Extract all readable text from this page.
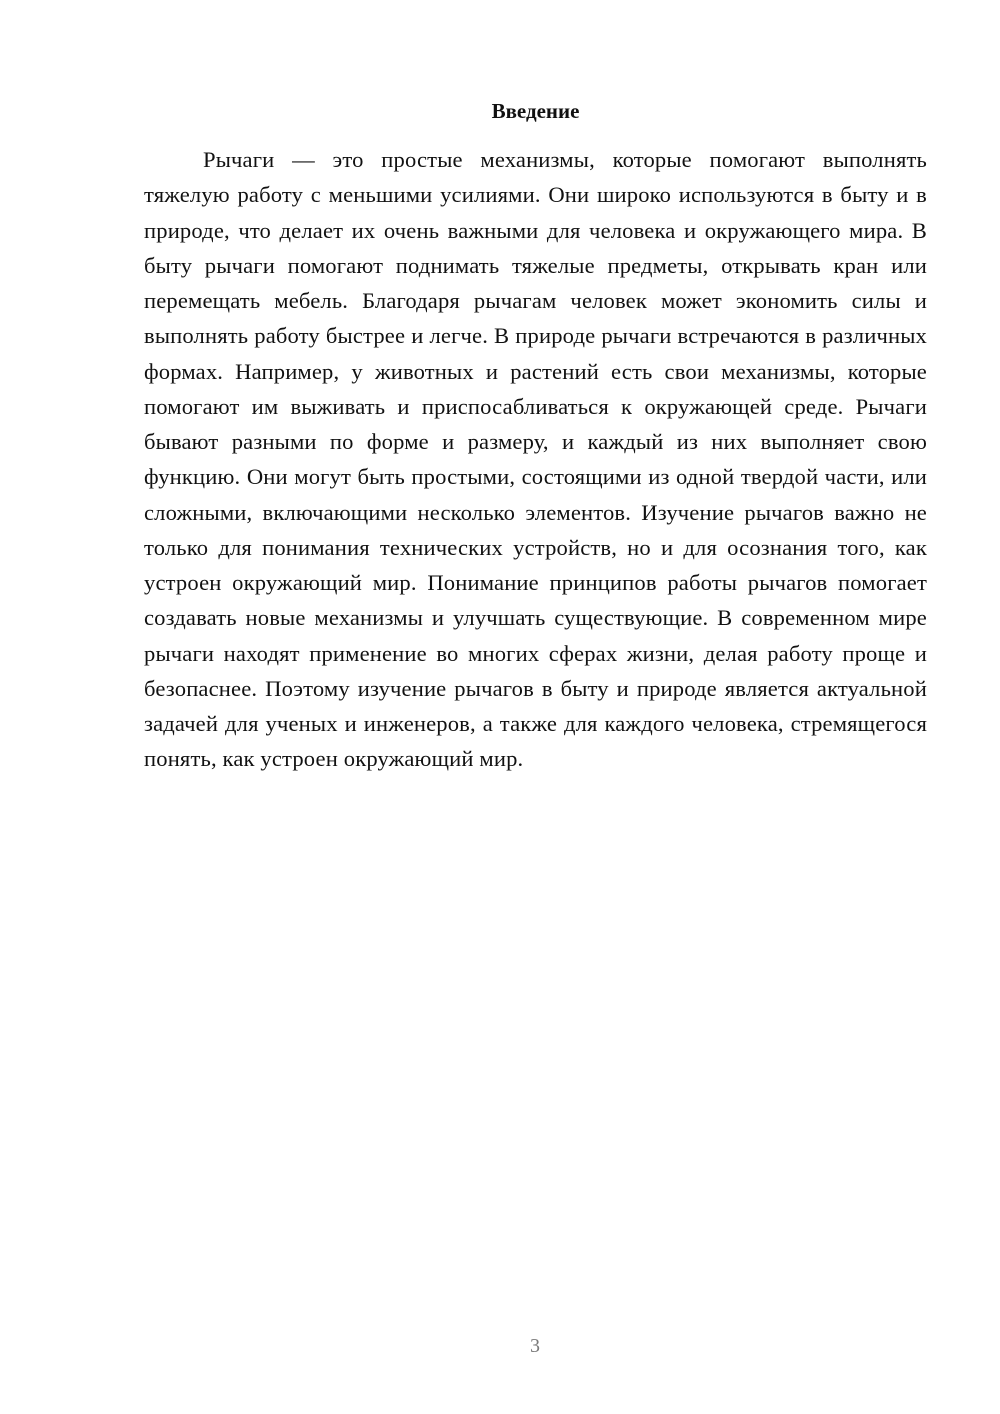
Введение

Рычаги — это простые механизмы, которые помогают выполнять тяжелую работу с меньшими усилиями. Они широко используются в быту и в природе, что делает их очень важными для человека и окружающего мира. В быту рычаги помогают поднимать тяжелые предметы, открывать кран или перемещать мебель. Благодаря рычагам человек может экономить силы и выполнять работу быстрее и легче. В природе рычаги встречаются в различных формах. Например, у животных и растений есть свои механизмы, которые помогают им выживать и приспосабливаться к окружающей среде. Рычаги бывают разными по форме и размеру, и каждый из них выполняет свою функцию. Они могут быть простыми, состоящими из одной твердой части, или сложными, включающими несколько элементов. Изучение рычагов важно не только для понимания технических устройств, но и для осознания того, как устроен окружающий мир. Понимание принципов работы рычагов помогает создавать новые механизмы и улучшать существующие. В современном мире рычаги находят применение во многих сферах жизни, делая работу проще и безопаснее. Поэтому изучение рычагов в быту и природе является актуальной задачей для ученых и инженеров, а также для каждого человека, стремящегося понять, как устроен окружающий мир.

3
